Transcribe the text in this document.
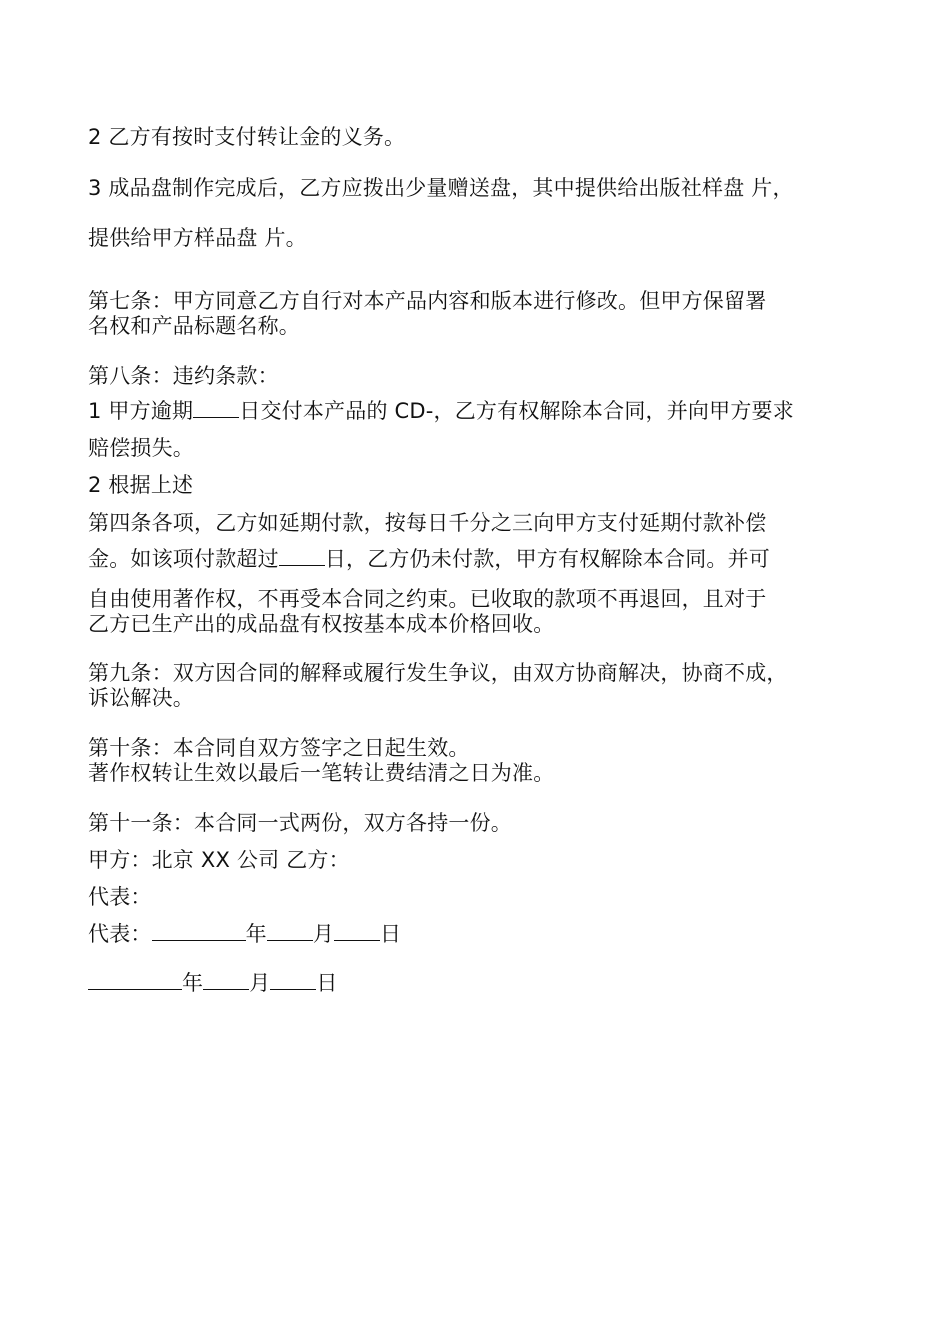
2 乙方有按时支付转让金的义务。
3 成品盘制作完成后，乙方应拨出少量赠送盘，其中提供给出版社样盘 片，
提供给甲方样品盘 片。
第七条：甲方同意乙方自行对本产品内容和版本进行修改。但甲方保留署
名权和产品标题名称。
第八条：违约条款：
1 甲方逾期 日交付本产品的 CD-，乙方有权解除本合同，并向甲方要求
赔偿损失。
2 根据上述
第四条各项，乙方如延期付款，按每日千分之三向甲方支付延期付款补偿
金。如该项付款超过 日，乙方仍未付款，甲方有权解除本合同。并可
自由使用著作权，不再受本合同之约束。已收取的款项不再退回，且对于
乙方已生产出的成品盘有权按基本成本价格回收。
第九条：双方因合同的解释或履行发生争议，由双方协商解决，协商不成，
诉讼解决。
第十条：本合同自双方签字之日起生效。
著作权转让生效以最后一笔转让费结清之日为准。
第十一条：本合同一式两份，双方各持一份。
甲方：北京 XX 公司 乙方：
代表：
代表：	年 月 日
年 月 日
